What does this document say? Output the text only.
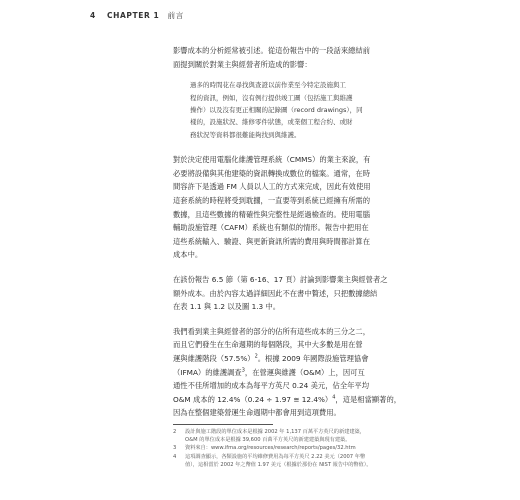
4 CHAPTER 1 前言
影響成本的分析經常被引述。從這份報告中的一段話來總結前
面提到關於對業主與經營者所造成的影響：
過多的時間花在尋找與查證以前作業至今特定設施與工
程的資訊，例如，沒有例行提供竣工圖（包括施工與維護
操作）以及沒有更正相關的記錄圖（record drawings），同
樣的，設施狀況、維修零件狀態，或業個工程合約、或財
務狀況等資料都很難能夠找到與維護。
對於決定使用電腦化維護管理系統（CMMS）的業主來說，有
必要將設備與其他建築的資訊轉換成數位的檔案。通常，在時
間容許下是透過 FM 人員以人工的方式來完成，因此有效使用
這套系統的時程將受到耽擱，一直要等到系統已經擁有所需的
數據，且這些數據的精確性與完整性是經過檢查的。使用電腦
輔助設施管理（CAFM）系統也有類似的情形。報告中把用在
這些系統輸入、驗證、與更新資訊所需的費用與時間都計算在
成本中。
在該份報告 6.5 節（第 6-16、17 頁）討論到影響業主與經營者之
額外成本。由於內容太過詳細因此不在書中贅述，只把數據總結
在表 1.1 與 1.2 以及圖 1.3 中。
我們看到業主與經營者的部分的佔所有這些成本的三分之二，
而且它們發生在生命週期的每個階段，其中大多數是用在營
運與維護階段$(57.5\%)^2$。根據 2009 年國際設施管理協會
（IFMA）的維護調查$^3$，在營運與維護（O&M）上，因可互
通性不佳所增加的成本為每平方英尺 0.24 美元，佔全年平均
O&M 成本的 12.4%（0.24 ÷ 1.97 ≅ 12.4%）$^4$，這是相當顯著的，
因為在整個建築營運生命週期中都會用到這項費用。
2	設計與施工階段的單位成本是根據 2002 年 1,137 百萬平方英尺的新建建築，
O&M 的單位成本是根據 39,600 百萬平方英尺的新建建築與現有建築。
3	資料來自：www.ifma.org/resources/research/reports/pages/32.htm
4	這項調查顯示，各類設施的平均維修費用為每平方英尺 2.22 美元（2007 年幣
值），這相當於 2002 年之幣值 1.97 美元（根據於那份在 NIST 報告中的幣值）。
